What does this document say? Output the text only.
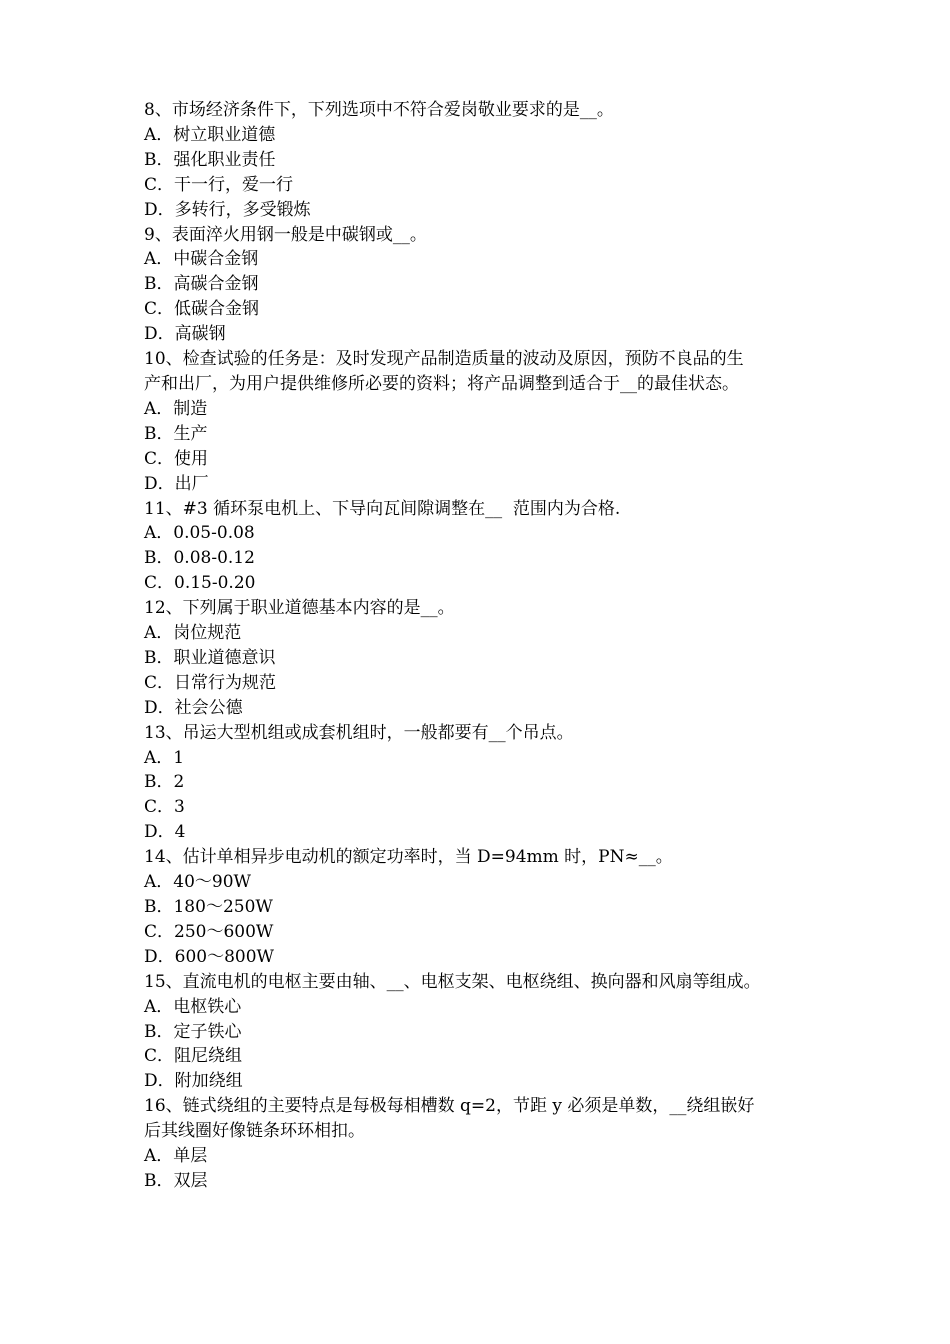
8、市场经济条件下，下列选项中不符合爱岗敬业要求的是__。
A．树立职业道德
B．强化职业责任
C．干一行，爱一行
D．多转行，多受锻炼
9、表面淬火用钢一般是中碳钢或__。
A．中碳合金钢
B．高碳合金钢
C．低碳合金钢
D．高碳钢
10、检查试验的任务是：及时发现产品制造质量的波动及原因，预防不良品的生
产和出厂，为用户提供维修所必要的资料；将产品调整到适合于__的最佳状态。
A．制造
B．生产
C．使用
D．出厂
11、#3 循环泵电机上、下导向瓦间隙调整在__  范围内为合格.
A．0.05-0.08
B．0.08-0.12
C．0.15-0.20
12、下列属于职业道德基本内容的是__。
A．岗位规范
B．职业道德意识
C．日常行为规范
D．社会公德
13、吊运大型机组或成套机组时，一般都要有__个吊点。
A．1
B．2
C．3
D．4
14、估计单相异步电动机的额定功率时，当 D=94mm 时，PN≈__。
A．40～90W
B．180～250W
C．250～600W
D．600～800W
15、直流电机的电枢主要由轴、__、电枢支架、电枢绕组、换向器和风扇等组成。
A．电枢铁心
B．定子铁心
C．阻尼绕组
D．附加绕组
16、链式绕组的主要特点是每极每相槽数 q=2，节距 y 必须是单数，__绕组嵌好
后其线圈好像链条环环相扣。
A．单层
B．双层
